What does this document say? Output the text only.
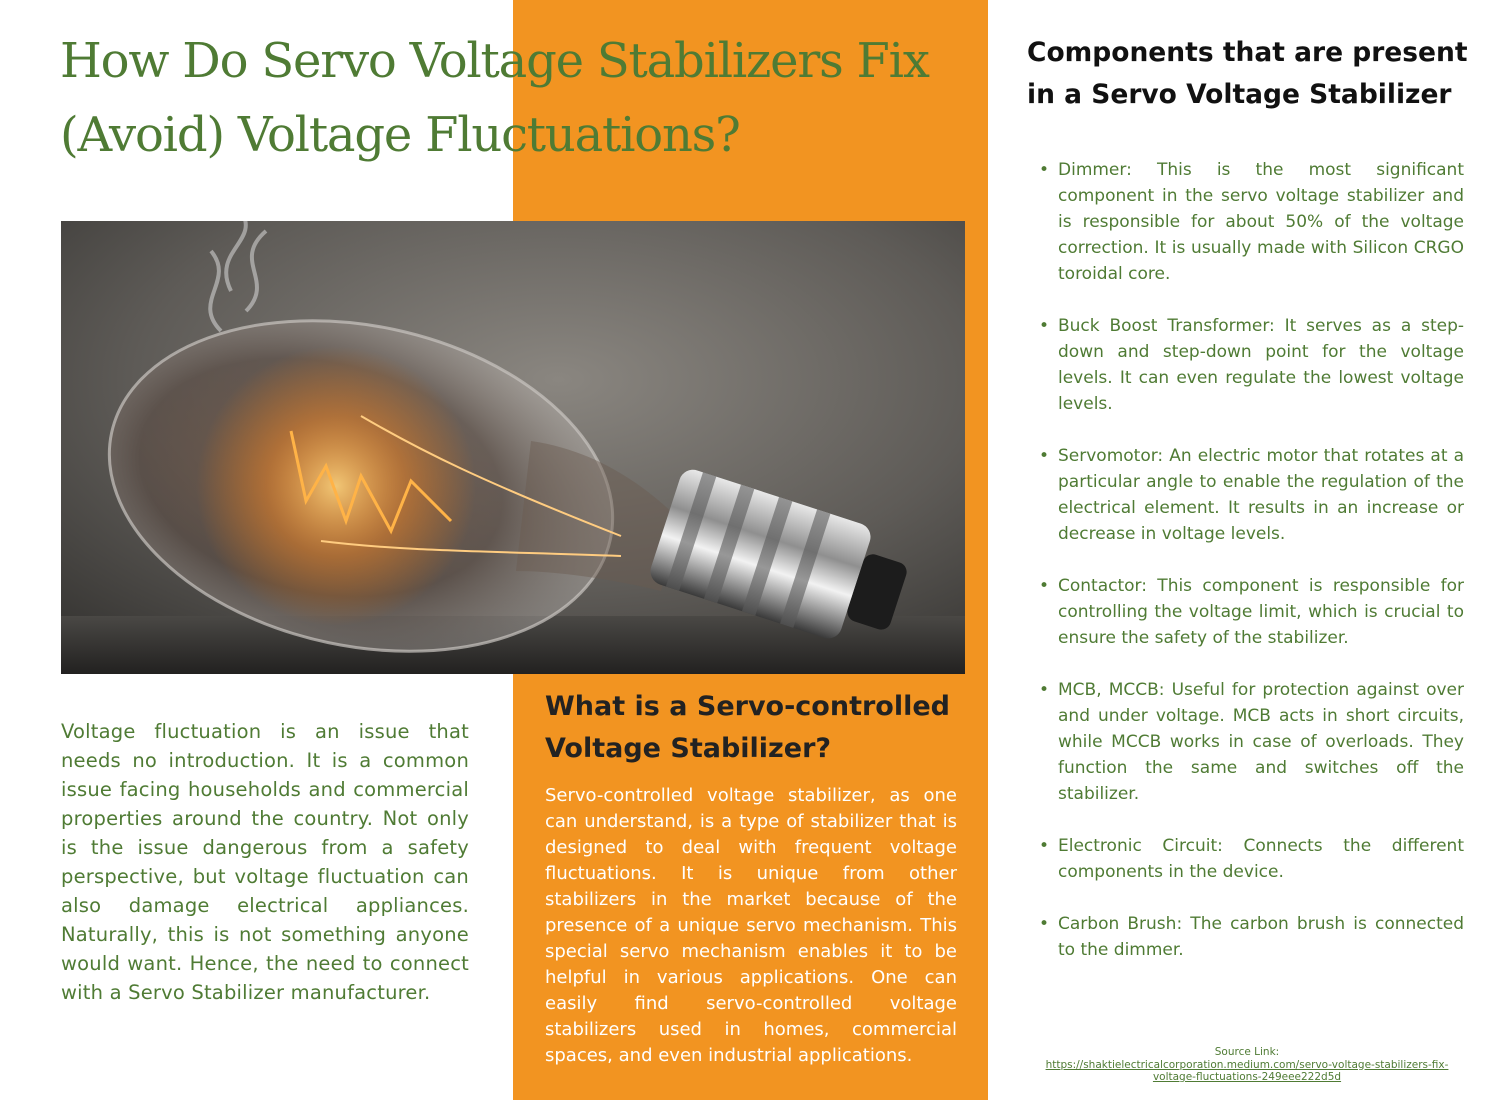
How Do Servo Voltage Stabilizers Fix (Avoid) Voltage Fluctuations?

Voltage fluctuation is an issue that needs no introduction. It is a common issue facing households and commercial properties around the country. Not only is the issue dangerous from a safety perspective, but voltage fluctuation can also damage electrical appliances. Naturally, this is not something anyone would want. Hence, the need to connect with a Servo Stabilizer manufacturer.

What is a Servo-controlled Voltage Stabilizer?

Servo-controlled voltage stabilizer, as one can understand, is a type of stabilizer that is designed to deal with frequent voltage fluctuations. It is unique from other stabilizers in the market because of the presence of a unique servo mechanism. This special servo mechanism enables it to be helpful in various applications. One can easily find servo-controlled voltage stabilizers used in homes, commercial spaces, and even industrial applications.

Components that are present in a Servo Voltage Stabilizer
• Dimmer: This is the most significant component in the servo voltage stabilizer and is responsible for about 50% of the voltage correction. It is usually made with Silicon CRGO toroidal core.
• Buck Boost Transformer: It serves as a step-down and step-down point for the voltage levels. It can even regulate the lowest voltage levels.
• Servomotor: An electric motor that rotates at a particular angle to enable the regulation of the electrical element. It results in an increase or decrease in voltage levels.
• Contactor: This component is responsible for controlling the voltage limit, which is crucial to ensure the safety of the stabilizer.
• MCB, MCCB: Useful for protection against over and under voltage. MCB acts in short circuits, while MCCB works in case of overloads. They function the same and switches off the stabilizer.
• Electronic Circuit: Connects the different components in the device.
• Carbon Brush: The carbon brush is connected to the dimmer.
Source Link:
https://shaktielectricalcorporation.medium.com/servo-voltage-stabilizers-fix-voltage-fluctuations-249eee222d5d
